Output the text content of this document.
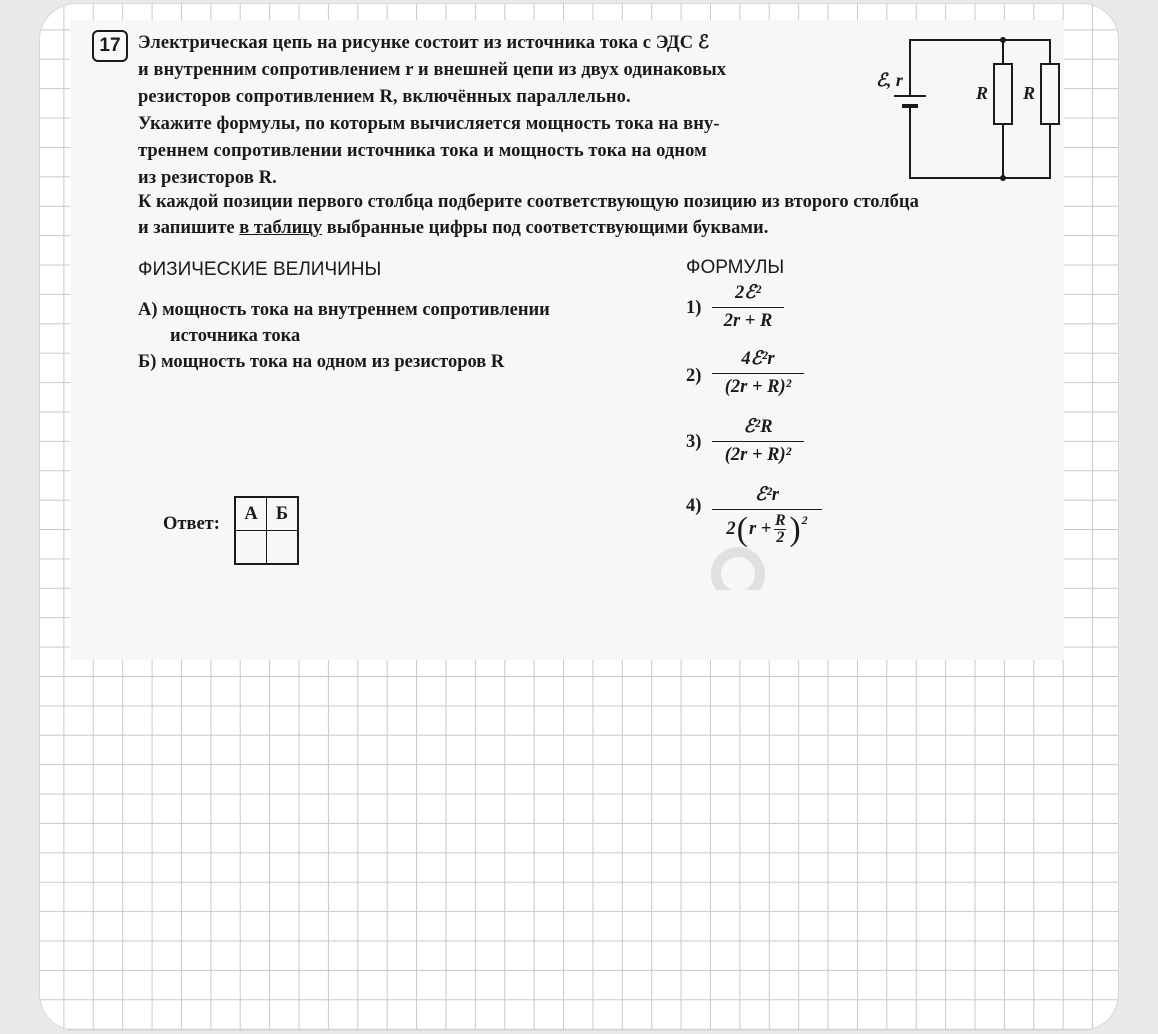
17 Электрическая цепь на рисунке состоит из источника тока с ЭДС ℰ

и внутренним сопротивлением r и внешней цепи из двух одинаковых

резисторов сопротивлением R, включённых параллельно.

Укажите формулы, по которым вычисляется мощность тока на вну-

треннем сопротивлении источника тока и мощность тока на одном

из резисторов R.

К каждой позиции первого столбца подберите соответствующую позицию из второго столбца
и запишите в таблицу выбранные цифры под соответствующими буквами.
ℰ, r
R R
ФИЗИЧЕСКИЕ ВЕЛИЧИНЫ
А) мощность тока на внутреннем сопротивлении
источника тока
Б) мощность тока на одном из резисторов R
ФОРМУЛЫ
1)
2ℰ²
2r + R
2)
4ℰ²r
(2r + R)²
3)
ℰ²R
(2r + R)²
4)
ℰ²r
2 ( $r + \frac{R}{2} )^2$
Ответ:
А	Б
